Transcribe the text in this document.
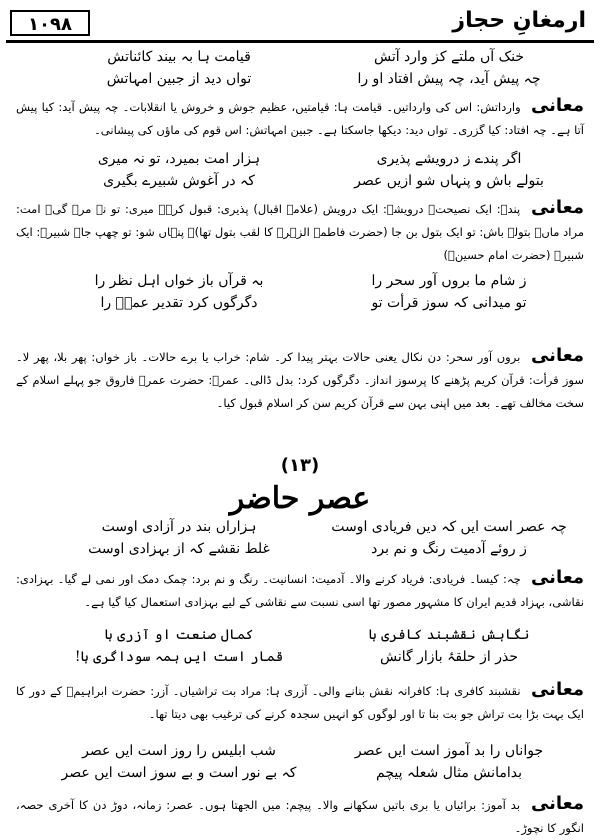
١٠٩٨	ارمغانِ حجاز
خنک آں ملتے کز وارد آتشقیامت ہا بہ بیند کائناتش
چہ پیش آید، چہ پیش افتاد او راتواں دید از جبین امہاتش
معانی وارداتش: اس کی وارداتیں۔ قیامت ہا: قیامتیں، عظیم جوش و خروش یا انقلابات۔ چہ پیش آید: کیا پیش آتا ہے۔ چہ افتاد: کیا گزری۔ تواں دید: دیکھا جاسکتا ہے۔ جبین امہاتش: اس قوم کی ماؤں کی پیشانی۔
اگر پندے ز درویشے پذیریہزار امت بمیرد، تو نہ میری
بتولے باش و پنہاں شو ازیں عصرکہ در آغوش شبیرے بگیری
معانی پندے: ایک نصیحت۔ درویشے: ایک درویش (علامہ اقبال) پذیری: قبول کرے۔ میری: تو نہ مرے گی۔ امت: مراد ماں۔ بتولے باش: تو ایک بتول بن جا (حضرت فاطمۃ الزہرؓ کا لقب بتول تھا)۔ پنہاں شو: تو چھپ جا۔ شبیرے: ایک شبیرؓ (حضرت امام حسینؓ)
ز شام ما بروں آور سحر رابہ قرآں باز خواں اہل نظر را
تو میدانی کہ سوز قرأت تودگرگوں کرد تقدیر عمرؓ را
معانی بروں آور سحر: دن نکال یعنی حالات بہتر پیدا کر۔ شام: خراب یا برے حالات۔ باز خواں: پھر بلا، پھر لا۔ سوز قرأت: قرآن کریم پڑھنے کا پرسوز انداز۔ دگرگوں کرد: بدل ڈالی۔ عمرؓ: حضرت عمرؓ فاروق جو پہلے اسلام کے سخت مخالف تھے۔ بعد میں اپنی بہن سے قرآن کریم سن کر اسلام قبول کیا۔
(١٣)
عصر حاضر
چہ عصر است ایں کہ دیں فریادی اوستہزاراں بند در آزادی اوست
ز روئے آدمیت رنگ و نم بردغلط نقشے کہ از بہزادی اوست
معانی چہ: کیسا۔ فریادی: فریاد کرنے والا۔ آدمیت: انسانیت۔ رنگ و نم برد: چمک دمک اور نمی لے گیا۔ بہزادی: نقاشی، بہزاد قدیم ایران کا مشہور مصور تھا اسی نسبت سے نقاشی کے لیے بہزادی استعمال کیا گیا ہے۔
نگاہش نقشبند کافری ہاکمال صنعت او آزری ہا
حذر از حلقۂ بازار گانشقمار است ایں ہمہ سوداگری ہا!
معانی نقشبند کافری ہا: کافرانہ نقش بنانے والی۔ آزری ہا: مراد بت تراشیاں۔ آزر: حضرت ابراہیمؑ کے دور کا ایک بہت بڑا بت تراش جو بت بنا تا اور لوگوں کو انہیں سجدہ کرنے کی ترغیب بھی دیتا تھا۔
جواناں را بد آموز است ایں عصرشب ابلیس را روز است ایں عصر
بدامانش مثال شعلہ پیچمکہ بے نور است و بے سوز است ایں عصر
معانی بد آموز: برائیاں یا بری باتیں سکھانے والا۔ پیچم: میں الجھتا ہوں۔ عصر: زمانہ، دوڑ دن کا آخری حصہ، انگور کا نچوڑ۔
